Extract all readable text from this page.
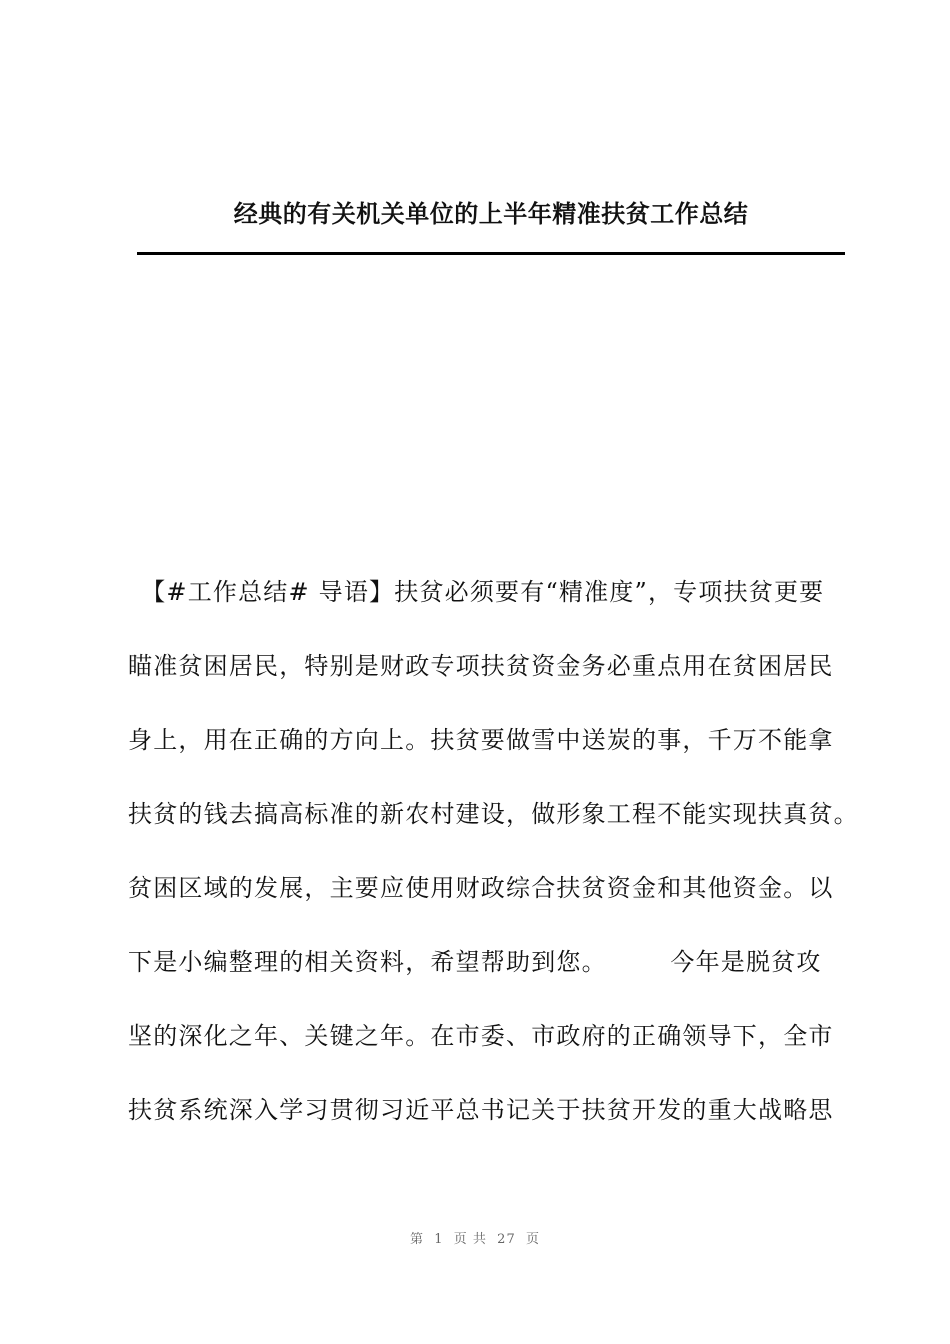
经典的有关机关单位的上半年精准扶贫工作总结
　【#工作总结# 导语】扶贫必须要有“精准度”，专项扶贫更要
瞄准贫困居民，特别是财政专项扶贫资金务必重点用在贫困居民
身上，用在正确的方向上。扶贫要做雪中送炭的事，千万不能拿
扶贫的钱去搞高标准的新农村建设，做形象工程不能实现扶真贫。
贫困区域的发展，主要应使用财政综合扶贫资金和其他资金。以
下是小编整理的相关资料，希望帮助到您。　　　今年是脱贫攻
坚的深化之年、关键之年。在市委、市政府的正确领导下，全市
扶贫系统深入学习贯彻习近平总书记关于扶贫开发的重大战略思
第  1  页 共  27  页
